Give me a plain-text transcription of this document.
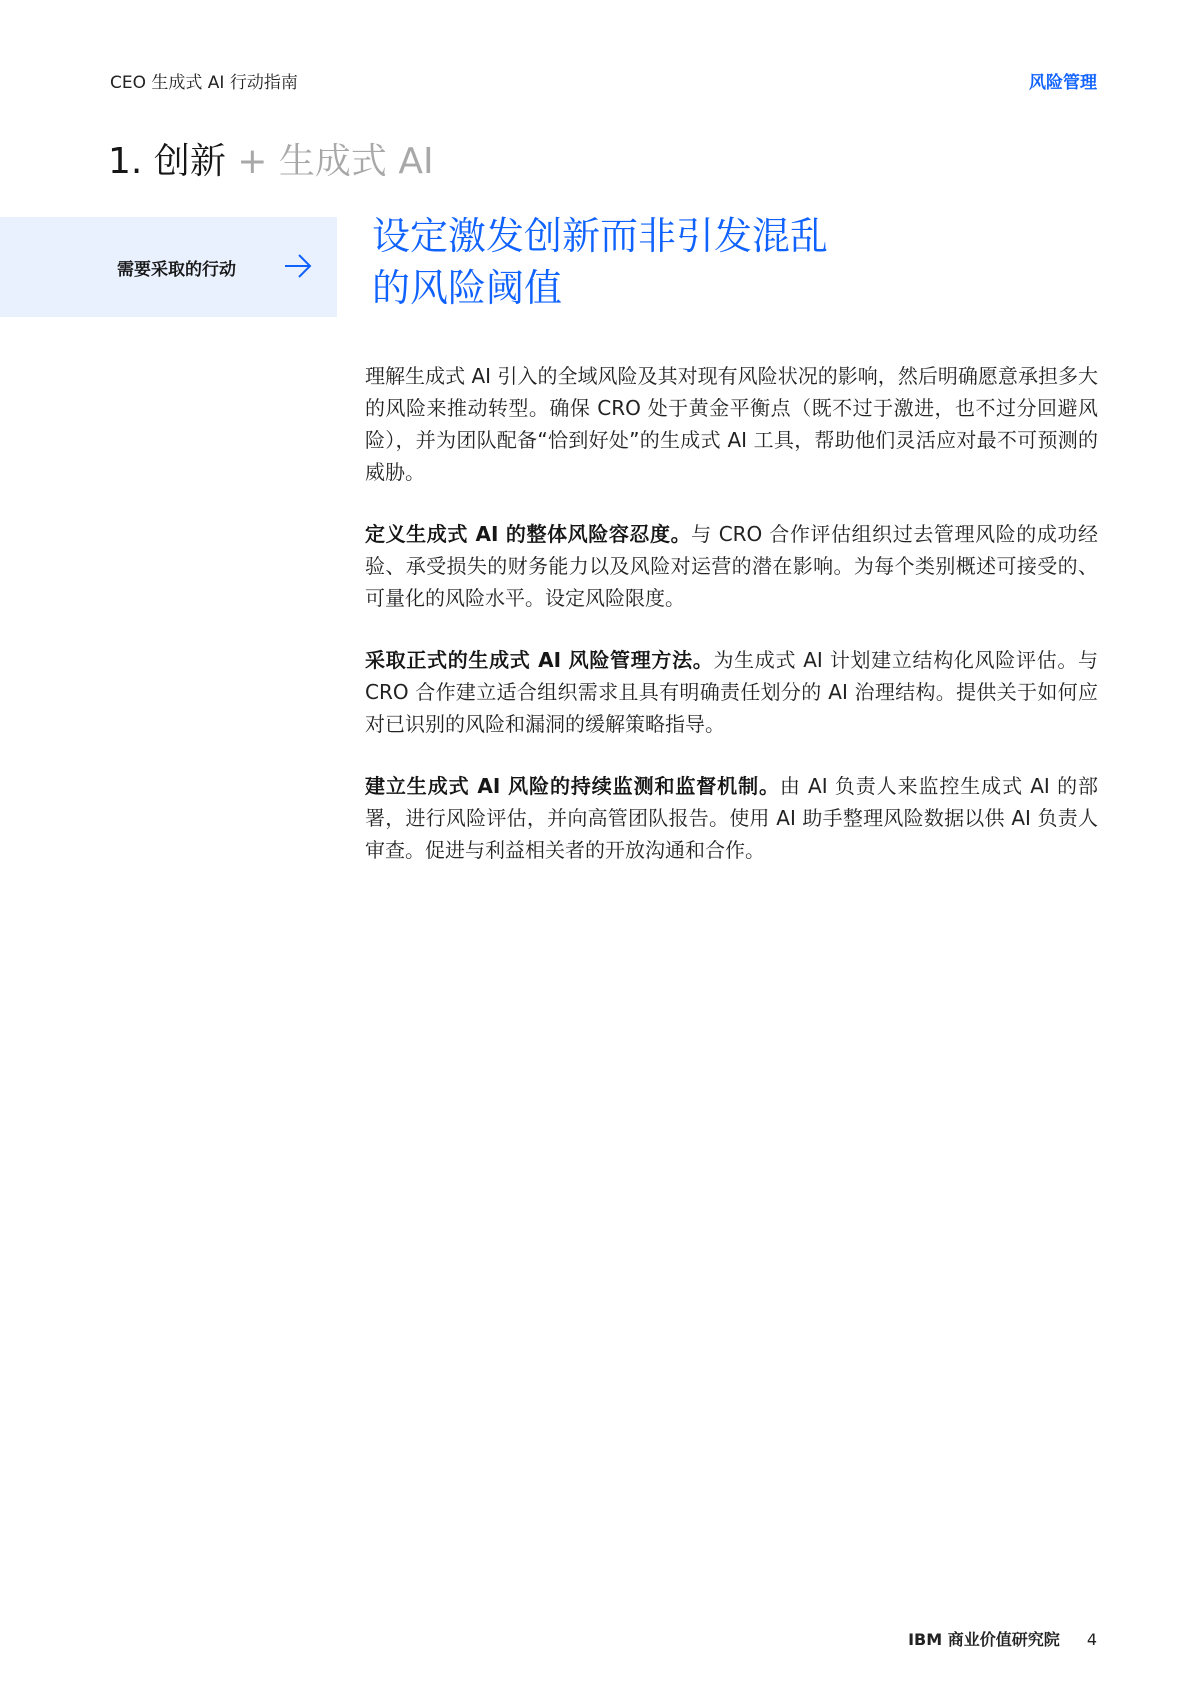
CEO 生成式 AI 行动指南	风险管理
1. 创新 + 生成式 AI
需要采取的行动
设定激发创新而非引发混乱
的风险阈值

理解生成式 AI 引入的全域风险及其对现有风险状况的影响，然后明确愿意承担多大的风险来推动转型。确保 CRO 处于黄金平衡点（既不过于激进，也不过分回避风险），并为团队配备“恰到好处”的生成式 AI 工具，帮助他们灵活应对最不可预测的威胁。

定义生成式 AI 的整体风险容忍度。与 CRO 合作评估组织过去管理风险的成功经验、承受损失的财务能力以及风险对运营的潜在影响。为每个类别概述可接受的、可量化的风险水平。设定风险限度。

采取正式的生成式 AI 风险管理方法。为生成式 AI 计划建立结构化风险评估。与 CRO 合作建立适合组织需求且具有明确责任划分的 AI 治理结构。提供关于如何应对已识别的风险和漏洞的缓解策略指导。

建立生成式 AI 风险的持续监测和监督机制。由 AI 负责人来监控生成式 AI 的部署，进行风险评估，并向高管团队报告。使用 AI 助手整理风险数据以供 AI 负责人审查。促进与利益相关者的开放沟通和合作。

IBM 商业价值研究院 4
